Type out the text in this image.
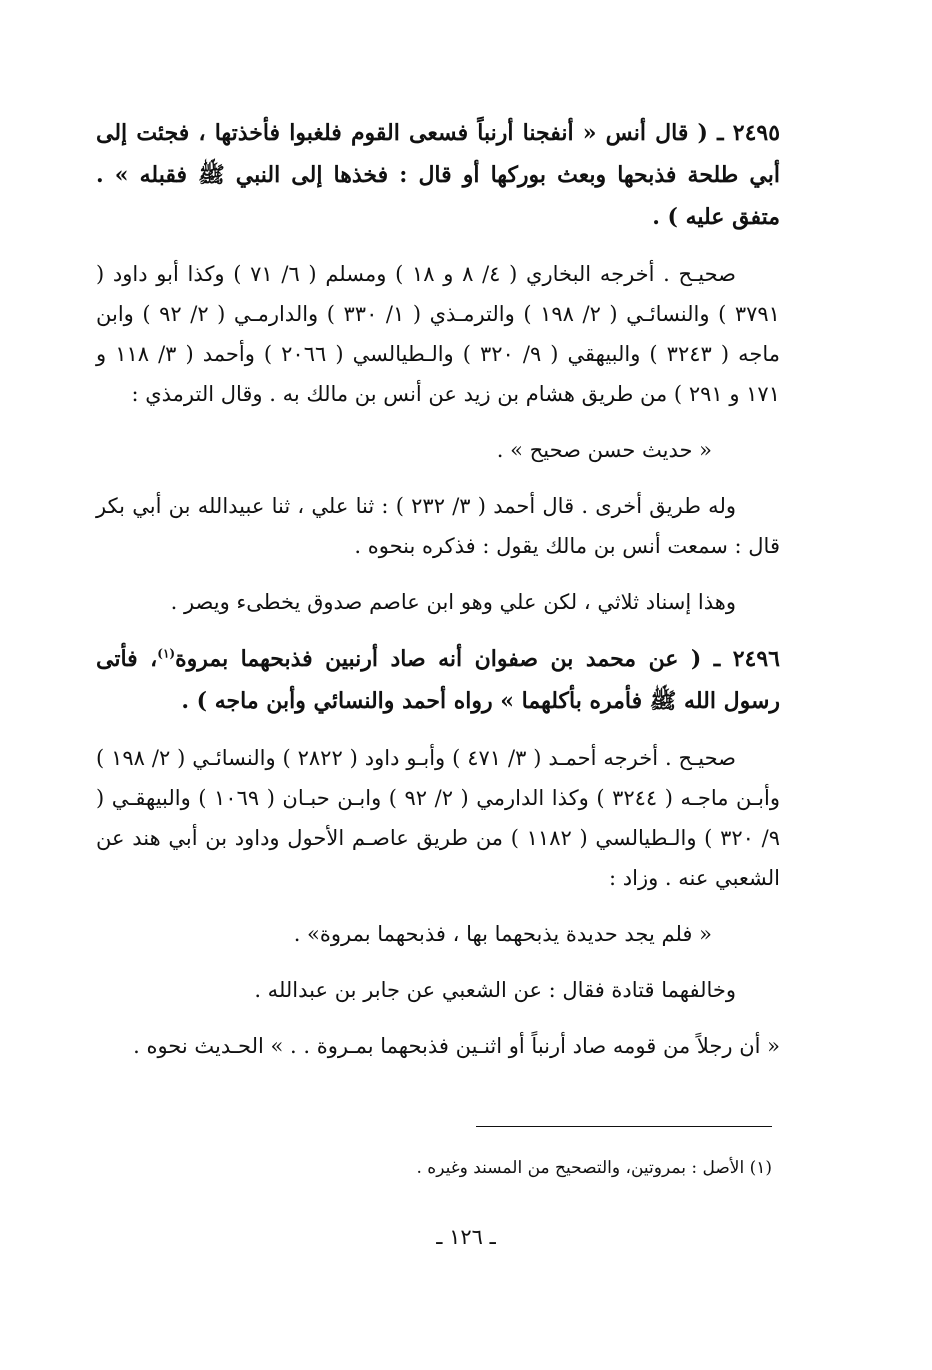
٢٤٩٥ ـ ( قال أنس « أنفجنا أرنباً فسعى القوم فلغبوا فأخذتها ، فجئت إلى أبي طلحة فذبحها وبعث بوركها أو قال : فخذها إلى النبي ﷺ فقبله » . متفق عليه ) .

صحيـح . أخرجه البخاري ( ٤/ ٨ و ١٨ ) ومسلم ( ٦/ ٧١ ) وكذا أبو داود ( ٣٧٩١ ) والنسائـي ( ٢/ ١٩٨ ) والترمـذي ( ١/ ٣٣٠ ) والدارمـي ( ٢/ ٩٢ ) وابن ماجه ( ٣٢٤٣ ) والبيهقي ( ٩/ ٣٢٠ ) والـطيالسي ( ٢٠٦٦ ) وأحمد ( ٣/ ١١٨ و ١٧١ و ٢٩١ ) من طريق هشام بن زيد عن أنس بن مالك به . وقال الترمذي :

« حديث حسن صحيح » .

وله طريق أخرى . قال أحمد ( ٣/ ٢٣٢ ) : ثنا علي ، ثنا عبيدالله بن أبي بكر قال : سمعت أنس بن مالك يقول : فذكره بنحوه .

وهذا إسناد ثلاثي ، لكن علي وهو ابن عاصم صدوق يخطىء ويصر .

٢٤٩٦ ـ ( عن محمد بن صفوان أنه صاد أرنبين فذبحهما بمروة$^{(١)}$، فأتى رسول الله ﷺ فأمره بأكلهما » رواه أحمد والنسائي وأبن ماجه ) .

صحيـح . أخرجه أحمـد ( ٣/ ٤٧١ ) وأبـو داود ( ٢٨٢٢ ) والنسائـي ( ٢/ ١٩٨ ) وأبـن ماجـه ( ٣٢٤٤ ) وكذا الدارمي ( ٢/ ٩٢ ) وابـن حبـان ( ١٠٦٩ ) والبيهقـي ( ٩/ ٣٢٠ ) والـطيالسي ( ١١٨٢ ) من طريق عاصـم الأحول وداود بن أبي هند عن الشعبي عنه . وزاد :

« فلم يجد حديدة يذبحهما بها ، فذبحهما بمروة» .

وخالفهما قتادة فقال : عن الشعبي عن جابر بن عبدالله .

« أن رجلاً من قومه صاد أرنباً أو اثنـين فذبحهما بمـروة . . » الحـديث نحوه .

(١) الأصل : بمروتين، والتصحيح من المسند وغيره .
ـ ١٢٦ ـ
